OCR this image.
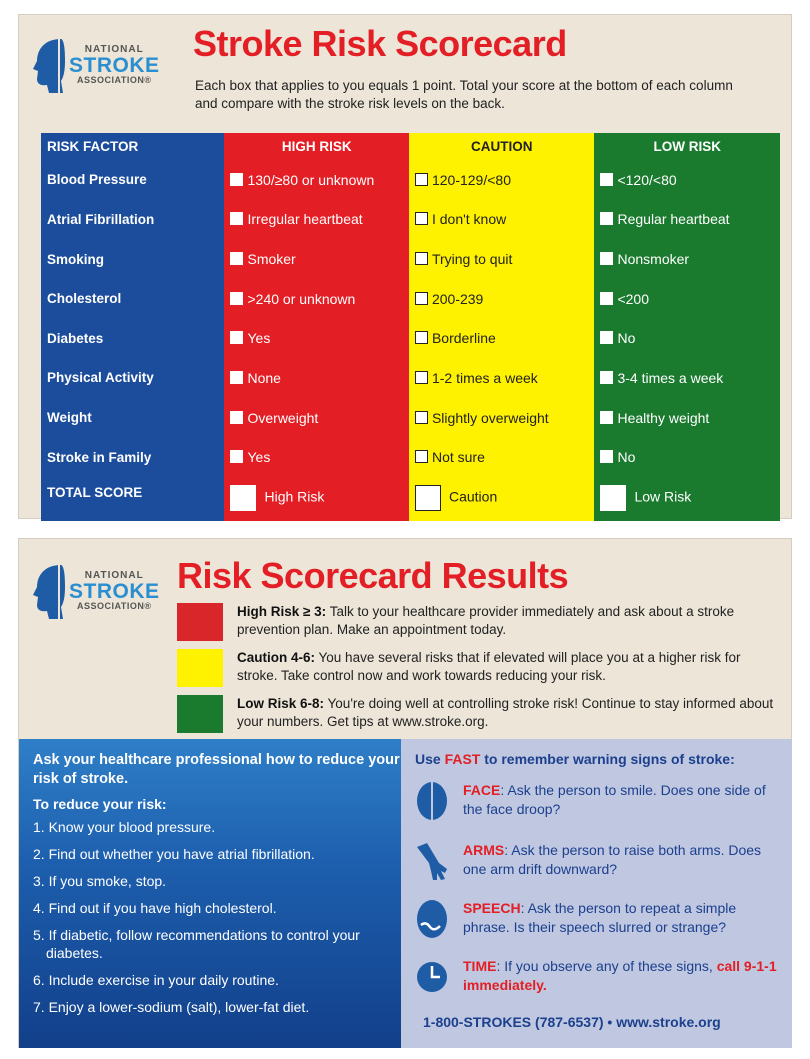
NATIONAL
STROKE
ASSOCIATION®
Stroke Risk Scorecard
Each box that applies to you equals 1 point. Total your score at the bottom of each column and compare with the stroke risk levels on the back.
RISK FACTOR	HIGH RISK	CAUTION	LOW RISK
Blood Pressure	130/≥80 or unknown	120-129/<80	<120/<80
Atrial Fibrillation	Irregular heartbeat	I don't know	Regular heartbeat
Smoking	Smoker	Trying to quit	Nonsmoker
Cholesterol	>240 or unknown	200-239	<200
Diabetes	Yes	Borderline	No
Physical Activity	None	1-2 times a week	3-4 times a week
Weight	Overweight	Slightly overweight	Healthy weight
Stroke in Family	Yes	Not sure	No
TOTAL SCORE	High Risk	Caution	Low Risk
NATIONAL
STROKE
ASSOCIATION®
Risk Scorecard Results
High Risk ≥ 3: Talk to your healthcare provider immediately and ask about a stroke prevention plan. Make an appointment today.
Caution 4-6: You have several risks that if elevated will place you at a higher risk for stroke. Take control now and work towards reducing your risk.
Low Risk 6-8: You're doing well at controlling stroke risk! Continue to stay informed about your numbers. Get tips at www.stroke.org.
Ask your healthcare professional how to reduce your risk of stroke.
To reduce your risk:
1. Know your blood pressure.
2. Find out whether you have atrial fibrillation.
3. If you smoke, stop.
4. Find out if you have high cholesterol.
5. If diabetic, follow recommendations to control your diabetes.
6. Include exercise in your daily routine.
7. Enjoy a lower-sodium (salt), lower-fat diet.
Use FAST to remember warning signs of stroke:
FACE: Ask the person to smile. Does one side of the face droop?
ARMS: Ask the person to raise both arms. Does one arm drift downward?
SPEECH: Ask the person to repeat a simple phrase. Is their speech slurred or strange?
TIME: If you observe any of these signs, call 9-1-1 immediately.
1-800-STROKES (787-6537) • www.stroke.org
